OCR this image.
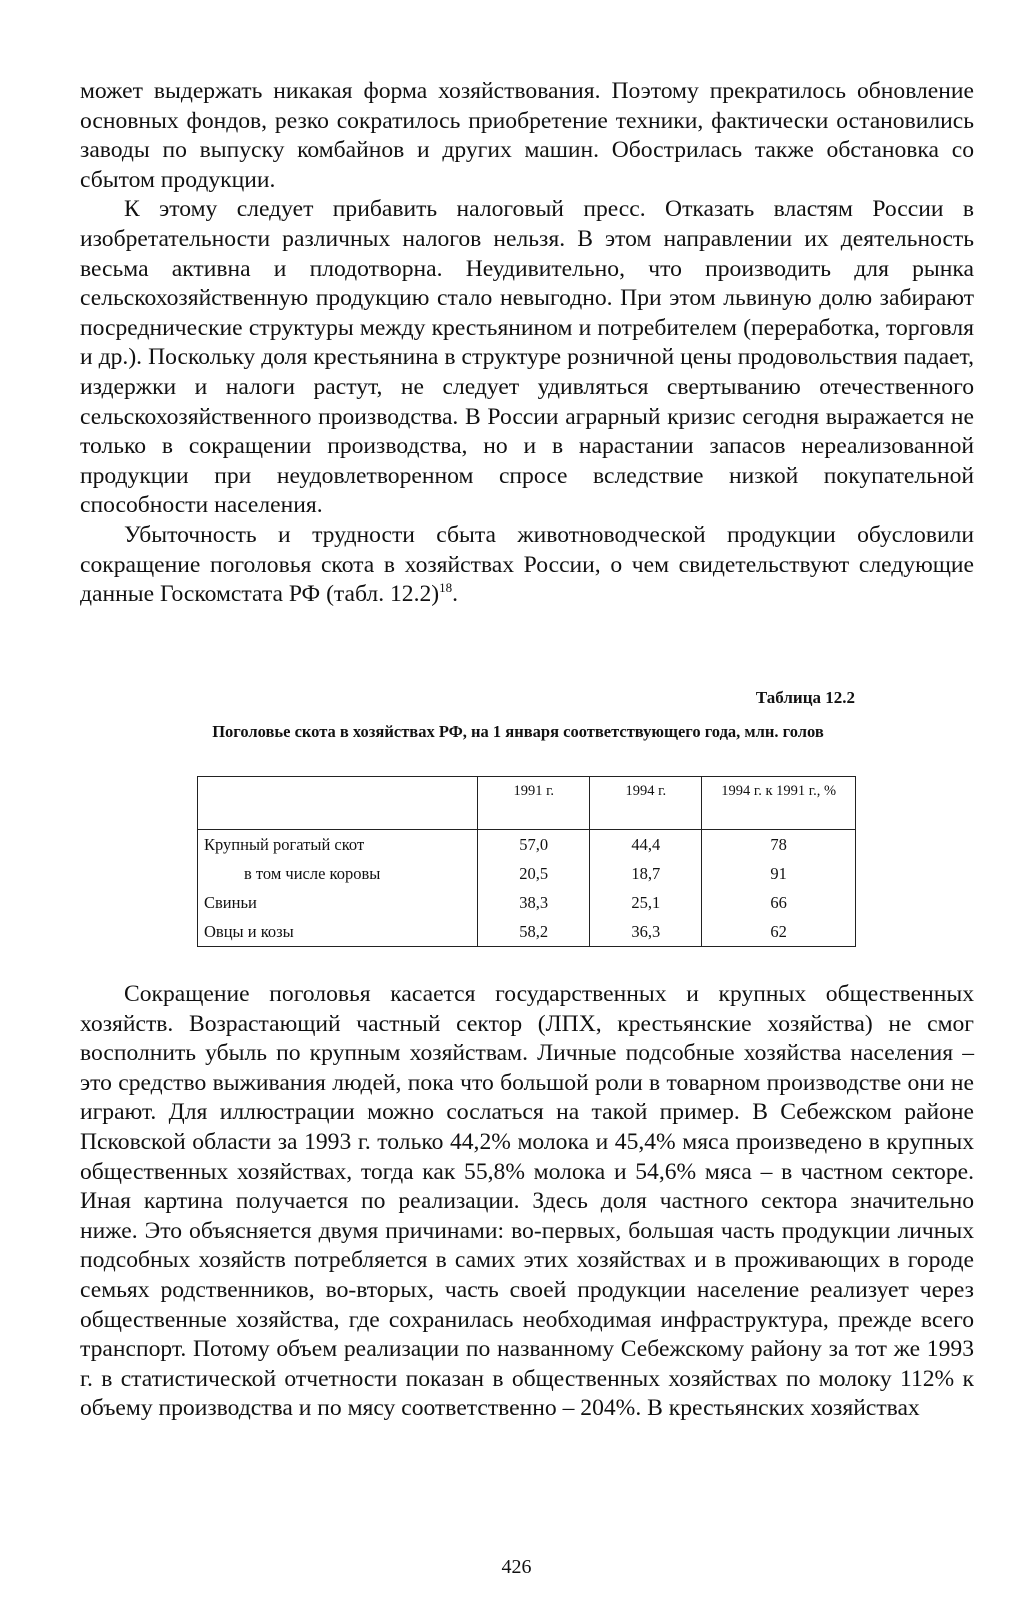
может выдержать никакая форма хозяйствования. Поэтому прекратилось обновление основных фондов, резко сократилось приобретение техники, фактически остановились заводы по выпуску комбайнов и других машин. Обострилась также обстановка со сбытом продукции.

К этому следует прибавить налоговый пресс. Отказать властям России в изобретательности различных налогов нельзя. В этом направлении их деятельность весьма активна и плодотворна. Неудивительно, что производить для рынка сельскохозяйственную продукцию стало невыгодно. При этом львиную долю забирают посреднические структуры между крестьянином и потребителем (переработка, торговля и др.). Поскольку доля крестьянина в структуре розничной цены продовольствия падает, издержки и налоги растут, не следует удивляться свертыванию отечественного сельскохозяйственного производства. В России аграрный кризис сегодня выражается не только в сокращении производства, но и в нарастании запасов нереализованной продукции при неудовлетворенном спросе вследствие низкой покупательной способности населения.

Убыточность и трудности сбыта животноводческой продукции обусловили сокращение поголовья скота в хозяйствах России, о чем свидетельствуют следующие данные Госкомстата РФ (табл. 12.2)$^{18}$.

Таблица 12.2
Поголовье скота в хозяйствах РФ, на 1 января соответствующего года, млн. голов
	1991 г.	1994 г.	1994 г. к 1991 г., %
Крупный рогатый скот	57,0	44,4	78
в том числе коровы	20,5	18,7	91
Свиньи	38,3	25,1	66
Овцы и козы	58,2	36,3	62

Сокращение поголовья касается государственных и крупных общественных хозяйств. Возрастающий частный сектор (ЛПХ, крестьянские хозяйства) не смог восполнить убыль по крупным хозяйствам. Личные подсобные хозяйства населения – это средство выживания людей, пока что большой роли в товарном производстве они не играют. Для иллюстрации можно сослаться на такой пример. В Себежском районе Псковской области за 1993 г. только 44,2% молока и 45,4% мяса произведено в крупных общественных хозяйствах, тогда как 55,8% молока и 54,6% мяса – в частном секторе. Иная картина получается по реализации. Здесь доля частного сектора значительно ниже. Это объясняется двумя причинами: во-первых, большая часть продукции личных подсобных хозяйств потребляется в самих этих хозяйствах и в проживающих в городе семьях родственников, во-вторых, часть своей продукции население реализует через общественные хозяйства, где сохранилась необходимая инфраструктура, прежде всего транспорт. Потому объем реализации по названному Себежскому району за тот же 1993 г. в статистической отчетности показан в общественных хозяйствах по молоку 112% к объему производства и по мясу соответственно – 204%. В крестьянских хозяйствах

426
